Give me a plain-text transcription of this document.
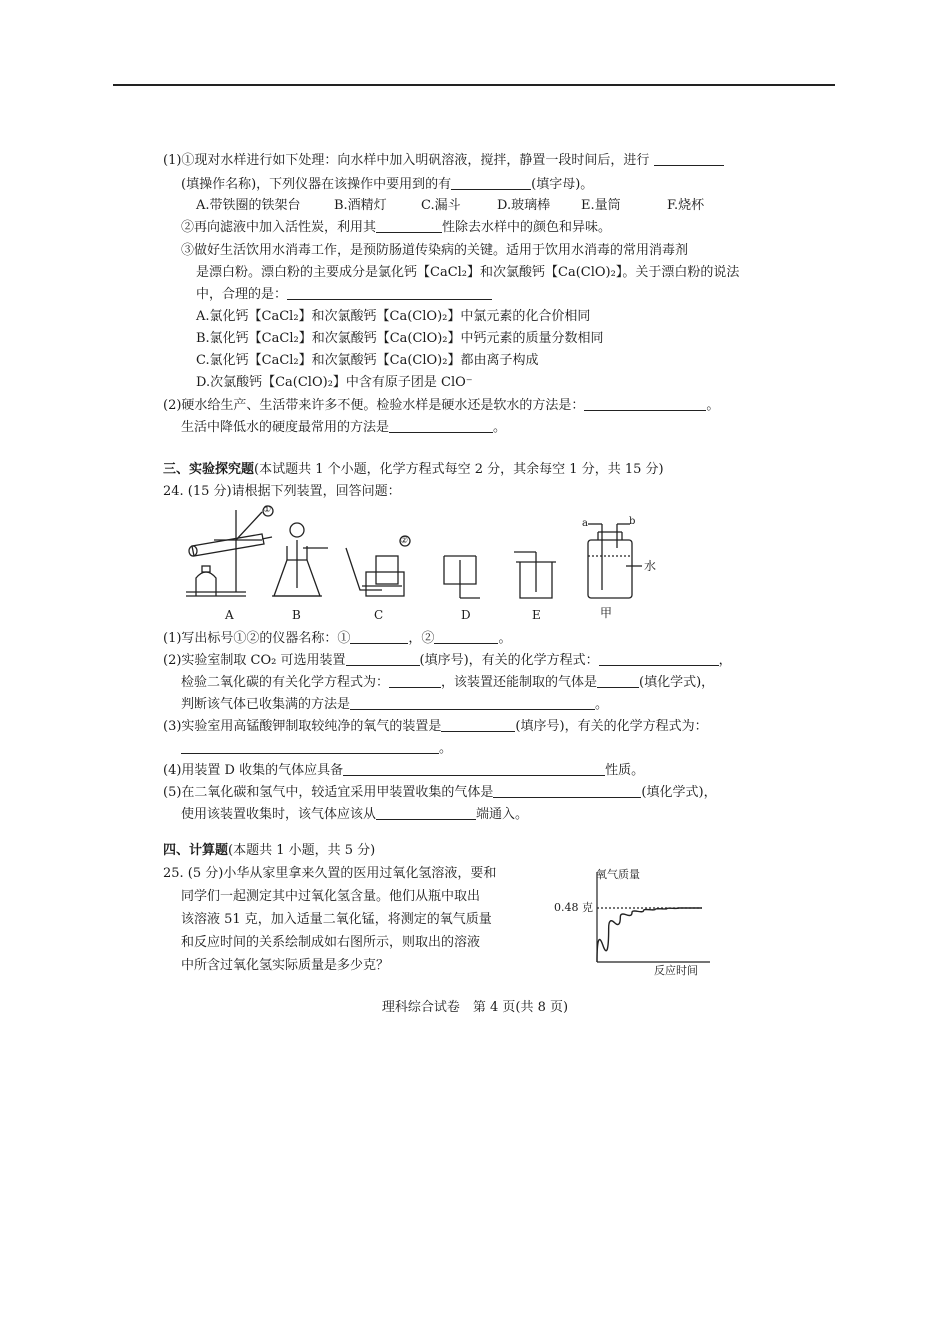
(1)①现对水样进行如下处理：向水样中加入明矾溶液，搅拌，静置一段时间后，进行
(填操作名称)，下列仪器在该操作中要用到的有	(填字母)。
A.带铁圈的铁架台	B.酒精灯	C.漏斗	D.玻璃棒 E.量筒	F.烧杯
②再向滤液中加入活性炭，利用其	性除去水样中的颜色和异味。
③做好生活饮用水消毒工作，是预防肠道传染病的关键。适用于饮用水消毒的常用消毒剂
是漂白粉。漂白粉的主要成分是氯化钙【CaCl₂】和次氯酸钙【Ca(ClO)₂】。关于漂白粉的说法
中，合理的是：
A.氯化钙【CaCl₂】和次氯酸钙【Ca(ClO)₂】中氯元素的化合价相同
B.氯化钙【CaCl₂】和次氯酸钙【Ca(ClO)₂】中钙元素的质量分数相同
C.氯化钙【CaCl₂】和次氯酸钙【Ca(ClO)₂】都由离子构成
D.次氯酸钙【Ca(ClO)₂】中含有原子团是 ClO⁻
(2)硬水给生产、生活带来许多不便。检验水样是硬水还是软水的方法是：	。
生活中降低水的硬度最常用的方法是	。
三、实验探究题(本试题共 1 个小题，化学方程式每空 2 分，其余每空 1 分，共 15 分)
24. (15 分)请根据下列装置，回答问题：
A	B	C	D	E	甲
①
②
a	b
水
(1)写出标号①②的仪器名称：①	，②	。
(2)实验室制取 CO₂ 可选用装置	(填序号)，有关的化学方程式：	，
检验二氧化碳的有关化学方程式为：	，该装置还能制取的气体是	(填化学式)，
判断该气体已收集满的方法是	。
(3)实验室用高锰酸钾制取较纯净的氧气的装置是	(填序号)，有关的化学方程式为：
。
(4)用装置 D 收集的气体应具备	性质。
(5)在二氧化碳和氢气中，较适宜采用甲装置收集的气体是	(填化学式)，
使用该装置收集时，该气体应该从	端通入。
四、计算题(本题共 1 小题，共 5 分)
25. (5 分)小华从家里拿来久置的医用过氧化氢溶液，要和
同学们一起测定其中过氧化氢含量。他们从瓶中取出
该溶液 51 克，加入适量二氧化锰，将测定的氧气质量
和反应时间的关系绘制成如右图所示，则取出的溶液
中所含过氧化氢实际质量是多少克？
氧气质量
0.48 克
反应时间
理科综合试卷　第 4 页(共 8 页)
